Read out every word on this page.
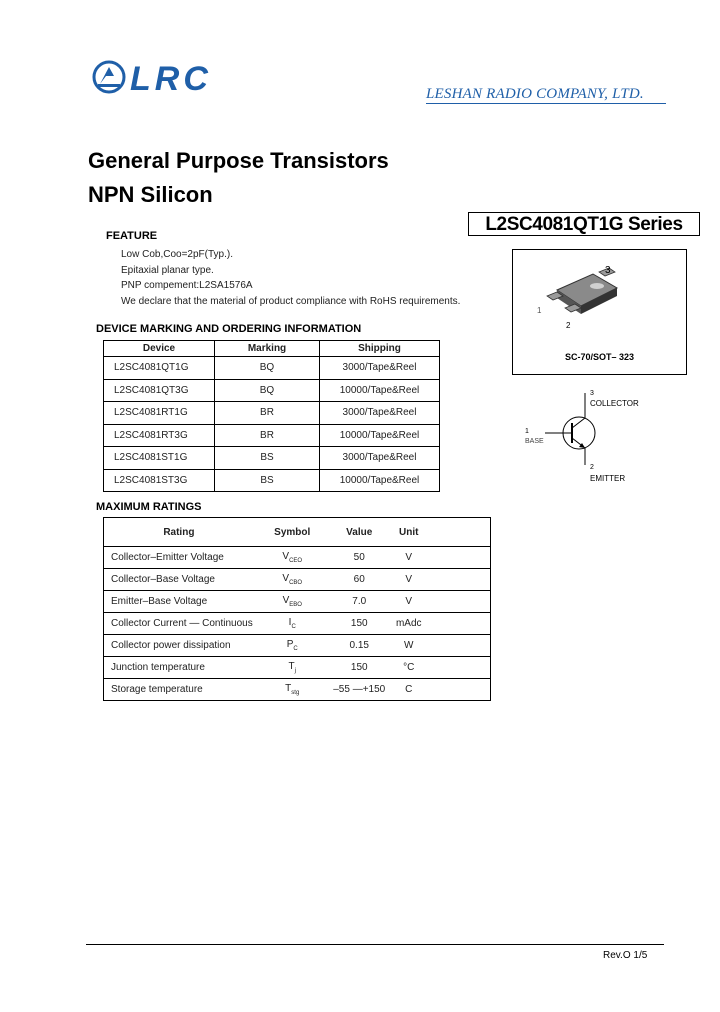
LRC	LESHAN RADIO COMPANY, LTD.
General Purpose Transistors
NPN Silicon
L2SC4081QT1G Series
FEATURE
Low Cob,Coo=2pF(Typ.).
Epitaxial planar type.
PNP compement:L2SA1576A
We declare that the material of product compliance with RoHS requirements.
3
1
2
SC-70/SOT– 323
3
COLLECTOR
1
BASE
2
EMITTER
DEVICE MARKING AND ORDERING INFORMATION
Device	Marking	Shipping
L2SC4081QT1G	BQ	3000/Tape&Reel
L2SC4081QT3G	BQ	10000/Tape&Reel
L2SC4081RT1G	BR	3000/Tape&Reel
L2SC4081RT3G	BR	10000/Tape&Reel
L2SC4081ST1G	BS	3000/Tape&Reel
L2SC4081ST3G	BS	10000/Tape&Reel
MAXIMUM RATINGS
Rating	Symbol	Value	Unit	
Collector–Emitter Voltage	$V_{CEO}$	50	V	
Collector–Base Voltage	$V_{CBO}$	60	V	
Emitter–Base Voltage	$V_{EBO}$	7.0	V	
Collector Current — Continuous	$I_C$	150	mAdc	
Collector power dissipation	$P_C$	0.15	W	
Junction temperature	$T_j$	150	°C	
Storage temperature	$T_{stg}$	–55 —+150	C	
Rev.O 1/5
